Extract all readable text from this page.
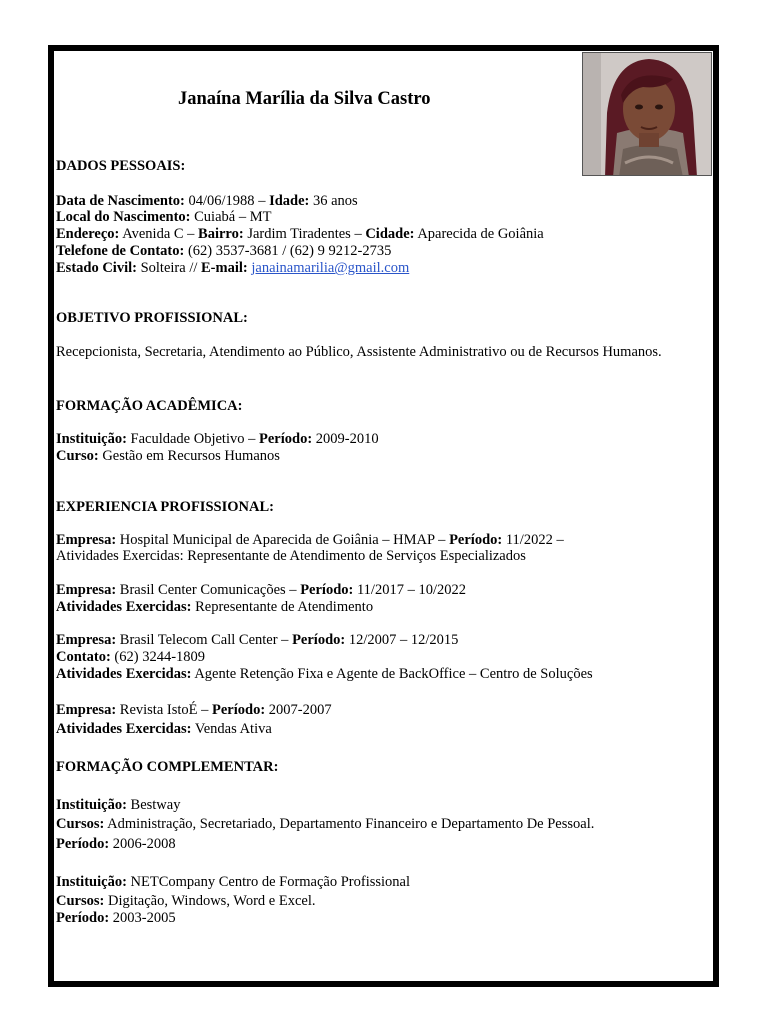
Janaína Marília da Silva Castro
DADOS PESSOAIS:
Data de Nascimento: 04/06/1988 – Idade: 36 anos
Local do Nascimento: Cuiabá – MT
Endereço: Avenida C – Bairro: Jardim Tiradentes – Cidade: Aparecida de Goiânia
Telefone de Contato: (62) 3537-3681 / (62) 9 9212-2735
Estado Civil: Solteira // E-mail: janainamarilia@gmail.com
OBJETIVO PROFISSIONAL:
Recepcionista, Secretaria, Atendimento ao Público, Assistente Administrativo ou de Recursos Humanos.
FORMAÇÃO ACADÊMICA:
Instituição: Faculdade Objetivo – Período: 2009-2010
Curso: Gestão em Recursos Humanos
EXPERIENCIA PROFISSIONAL:
Empresa: Hospital Municipal de Aparecida de Goiânia – HMAP – Período: 11/2022 –
Atividades Exercidas: Representante de Atendimento de Serviços Especializados
Empresa: Brasil Center Comunicações – Período: 11/2017 – 10/2022
Atividades Exercidas: Representante de Atendimento
Empresa: Brasil Telecom Call Center – Período: 12/2007 – 12/2015
Contato: (62) 3244-1809
Atividades Exercidas: Agente Retenção Fixa e Agente de BackOffice – Centro de Soluções
Empresa: Revista IstoÉ – Período: 2007-2007
Atividades Exercidas: Vendas Ativa
FORMAÇÃO COMPLEMENTAR:
Instituição: Bestway
Cursos: Administração, Secretariado, Departamento Financeiro e Departamento De Pessoal.
Período: 2006-2008
Instituição: NETCompany Centro de Formação Profissional
Cursos: Digitação, Windows, Word e Excel.
Período: 2003-2005
